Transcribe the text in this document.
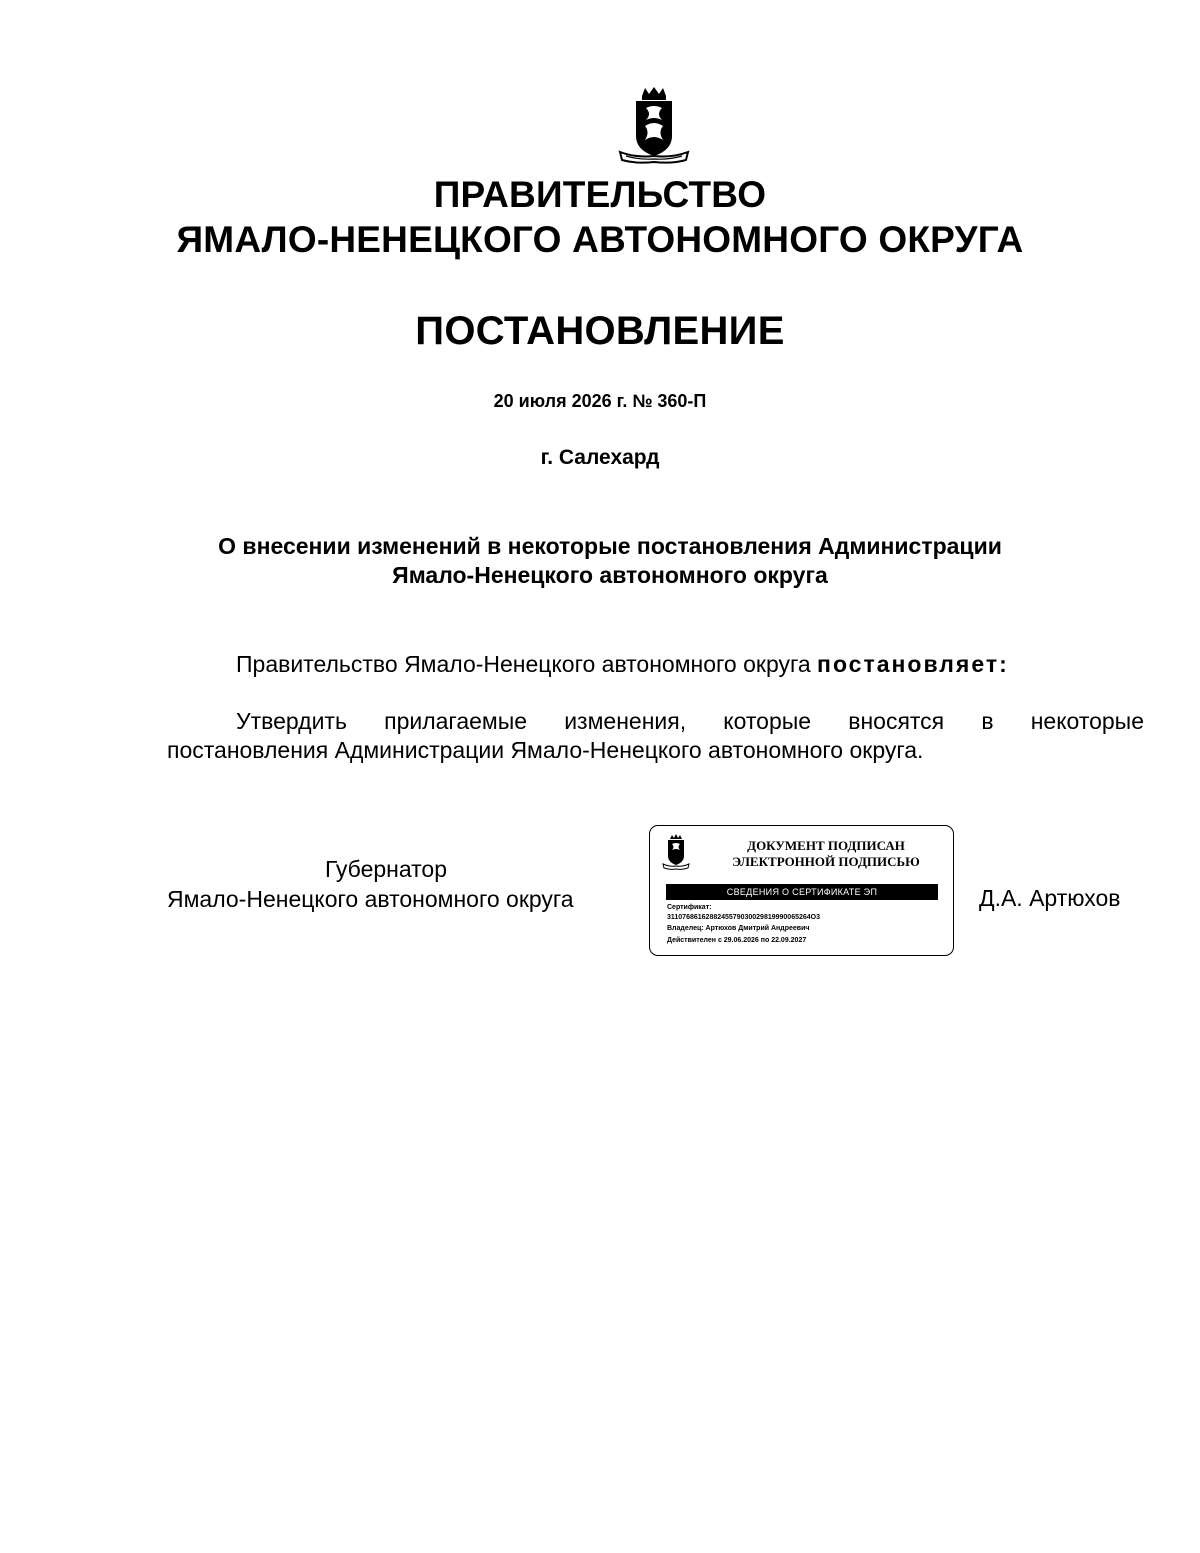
ПРАВИТЕЛЬСТВО
ЯМАЛО-НЕНЕЦКОГО АВТОНОМНОГО ОКРУГА
ПОСТАНОВЛЕНИЕ
20 июля 2026 г. № 360-П
г. Салехард
О внесении изменений в некоторые постановления Администрации
Ямало-Ненецкого автономного округа
Правительство Ямало-Ненецкого автономного округа постановляет:
Утвердить прилагаемые изменения, которые вносятся в некоторые
постановления Администрации Ямало-Ненецкого автономного округа.
Губернатор
Ямало-Ненецкого автономного округа
ДОКУМЕНТ ПОДПИСАН
ЭЛЕКТРОННОЙ ПОДПИСЬЮ
СВЕДЕНИЯ О СЕРТИФИКАТЕ ЭП
Сертификат:
3110768616288245579030029819990065264О3
Владелец: Артюхов Дмитрий Андреевич
Действителен с 29.06.2026 по 22.09.2027
Д.А. Артюхов
